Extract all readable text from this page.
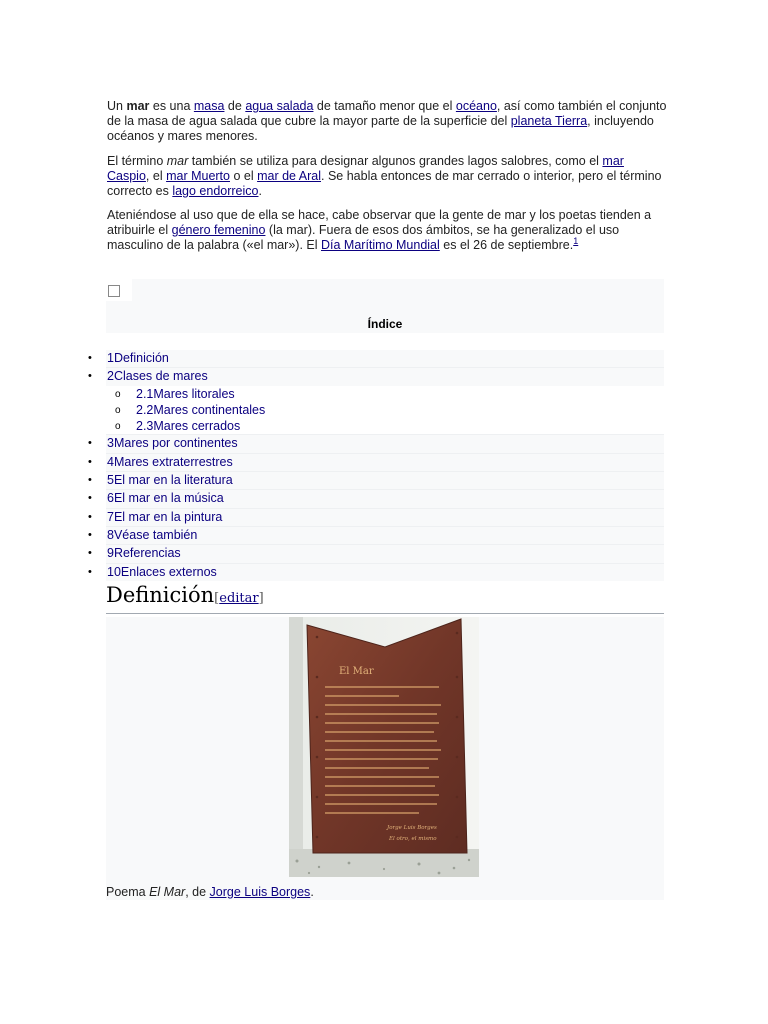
Un mar es una masa de agua salada de tamaño menor que el océano, así como también el conjunto de la masa de agua salada que cubre la mayor parte de la superficie del planeta Tierra, incluyendo océanos y mares menores.

El término mar también se utiliza para designar algunos grandes lagos salobres, como el mar Caspio, el mar Muerto o el mar de Aral. Se habla entonces de mar cerrado o interior, pero el término correcto es lago endorreico.

Ateniéndose al uso que de ella se hace, cabe observar que la gente de mar y los poetas tienden a atribuirle el género femenino (la mar). Fuera de esos dos ámbitos, se ha generalizado el uso masculino de la palabra («el mar»). El Día Marítimo Mundial es el 26 de septiembre.$^1$

Índice
• 1Definición
• 2Clases de mares
o 2.1Mares litorales
o 2.2Mares continentales
o 2.3Mares cerrados
• 3Mares por continentes
• 4Mares extraterrestres
• 5El mar en la literatura
• 6El mar en la música
• 7El mar en la pintura
• 8Véase también
• 9Referencias
• 10Enlaces externos
Definición[editar]
El Mar
Jorge Luis Borges
El otro, el mismo
Poema El Mar, de Jorge Luis Borges.
